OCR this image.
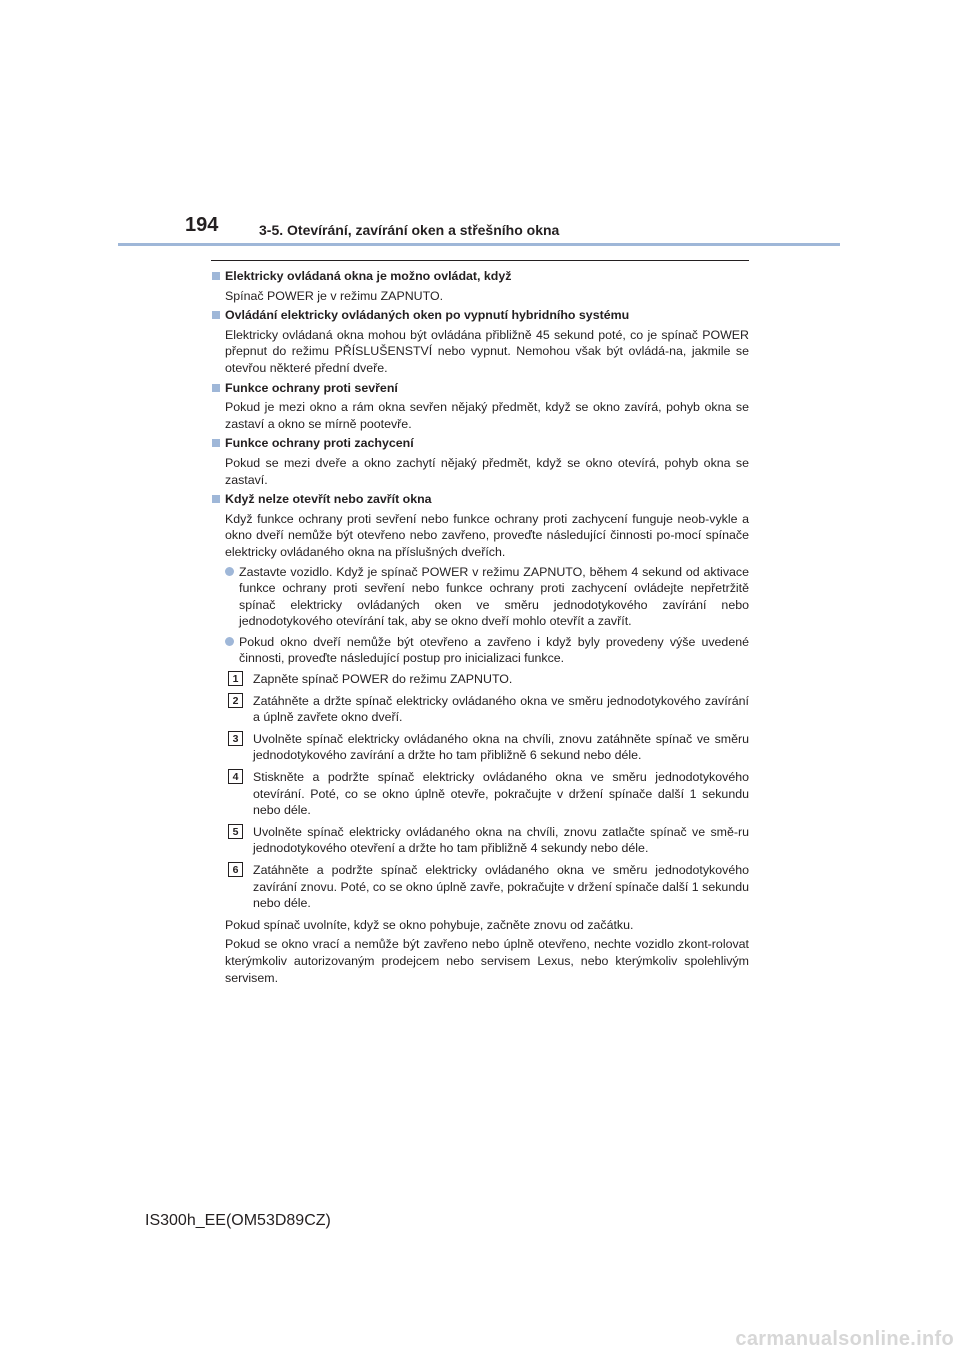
194	3-5. Otevírání, zavírání oken a střešního okna
Elektricky ovládaná okna je možno ovládat, když
Spínač POWER je v režimu ZAPNUTO.
Ovládání elektricky ovládaných oken po vypnutí hybridního systému
Elektricky ovládaná okna mohou být ovládána přibližně 45 sekund poté, co je spínač POWER přepnut do režimu PŘÍSLUŠENSTVÍ nebo vypnut. Nemohou však být ovládá-na, jakmile se otevřou některé přední dveře.
Funkce ochrany proti sevření
Pokud je mezi okno a rám okna sevřen nějaký předmět, když se okno zavírá, pohyb okna se zastaví a okno se mírně pootevře.
Funkce ochrany proti zachycení
Pokud se mezi dveře a okno zachytí nějaký předmět, když se okno otevírá, pohyb okna se zastaví.
Když nelze otevřít nebo zavřít okna
Když funkce ochrany proti sevření nebo funkce ochrany proti zachycení funguje neob-vykle a okno dveří nemůže být otevřeno nebo zavřeno, proveďte následující činnosti po-mocí spínače elektricky ovládaného okna na příslušných dveřích.
Zastavte vozidlo. Když je spínač POWER v režimu ZAPNUTO, během 4 sekund od aktivace funkce ochrany proti sevření nebo funkce ochrany proti zachycení ovládejte nepřetržitě spínač elektricky ovládaných oken ve směru jednodotykového zavírání nebo jednodotykového otevírání tak, aby se okno dveří mohlo otevřít a zavřít.
Pokud okno dveří nemůže být otevřeno a zavřeno i když byly provedeny výše uvedené činnosti, proveďte následující postup pro inicializaci funkce.
1	Zapněte spínač POWER do režimu ZAPNUTO.
2	Zatáhněte a držte spínač elektricky ovládaného okna ve směru jednodotykového zavírání a úplně zavřete okno dveří.
3	Uvolněte spínač elektricky ovládaného okna na chvíli, znovu zatáhněte spínač ve směru jednodotykového zavírání a držte ho tam přibližně 6 sekund nebo déle.
4	Stiskněte a podržte spínač elektricky ovládaného okna ve směru jednodotykového otevírání. Poté, co se okno úplně otevře, pokračujte v držení spínače další 1 sekundu nebo déle.
5	Uvolněte spínač elektricky ovládaného okna na chvíli, znovu zatlačte spínač ve smě-ru jednodotykového otevření a držte ho tam přibližně 4 sekundy nebo déle.
6	Zatáhněte a podržte spínač elektricky ovládaného okna ve směru jednodotykového zavírání znovu. Poté, co se okno úplně zavře, pokračujte v držení spínače další 1 sekundu nebo déle.
Pokud spínač uvolníte, když se okno pohybuje, začněte znovu od začátku.
Pokud se okno vrací a nemůže být zavřeno nebo úplně otevřeno, nechte vozidlo zkont-rolovat kterýmkoliv autorizovaným prodejcem nebo servisem Lexus, nebo kterýmkoliv spolehlivým servisem.
IS300h_EE(OM53D89CZ)
carmanualsonline.info
